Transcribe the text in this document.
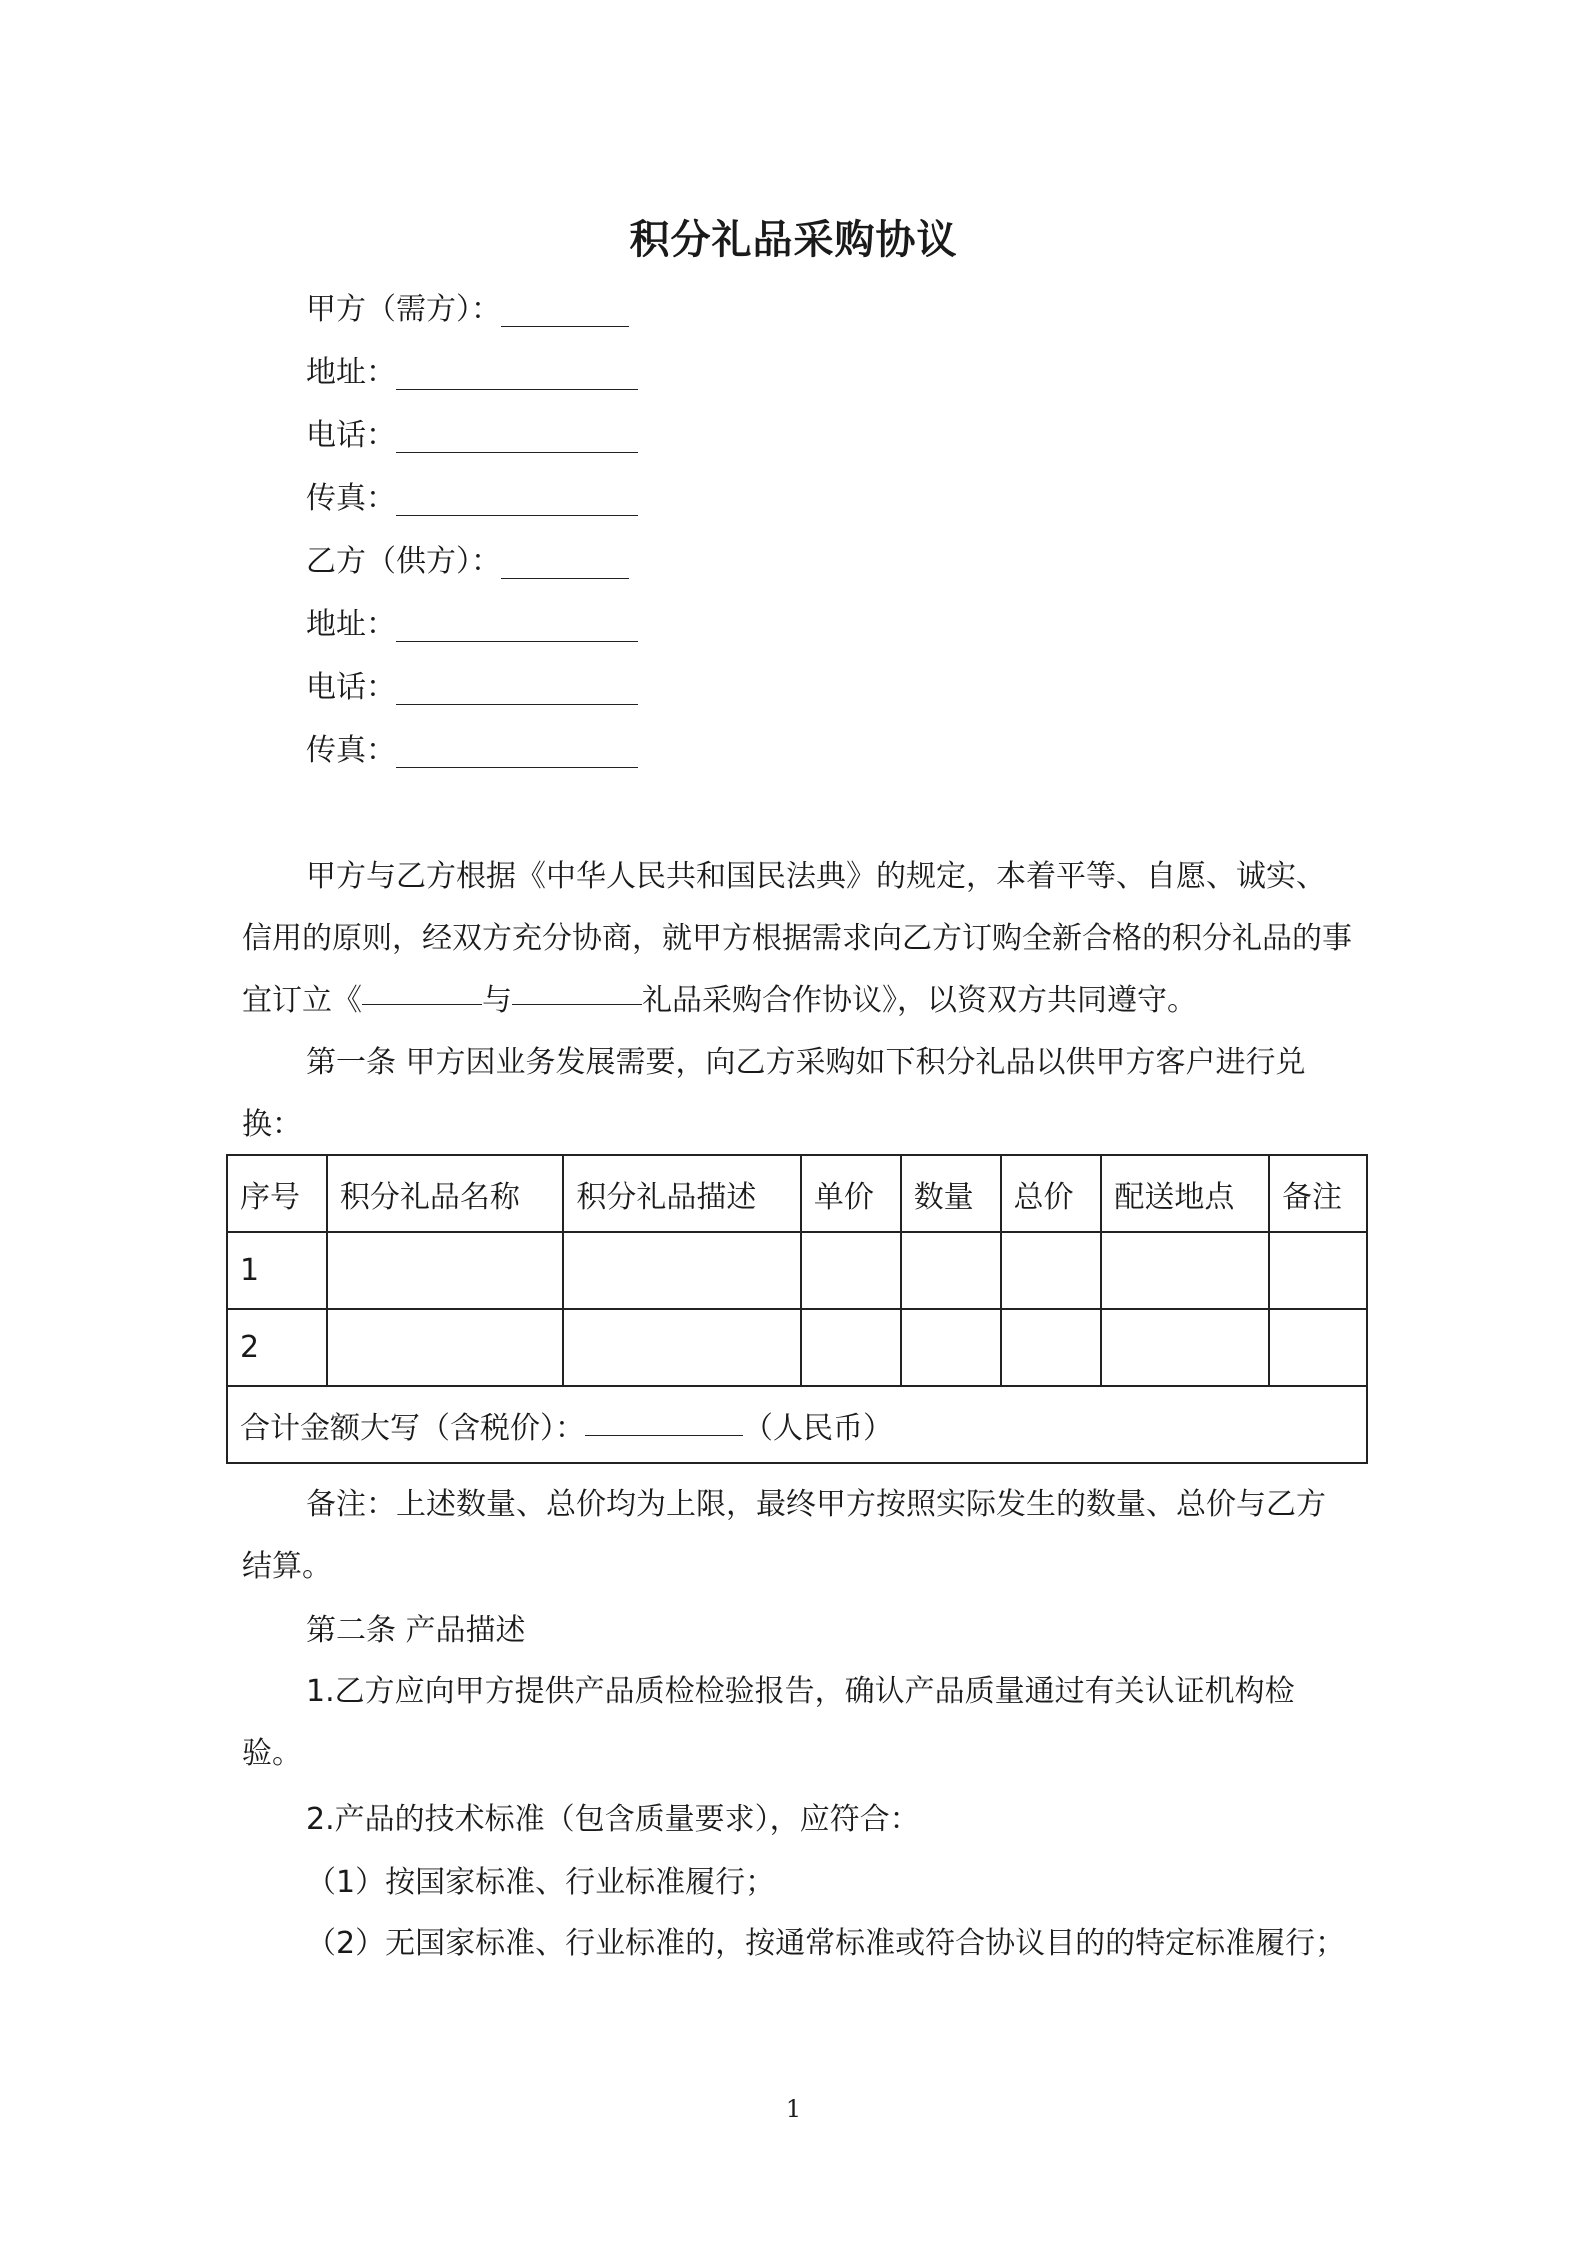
积分礼品采购协议
甲方（需方）：
地址：
电话：
传真：
乙方（供方）：
地址：
电话：
传真：

甲方与乙方根据《中华人民共和国民法典》的规定，本着平等、自愿、诚实、信用的原则，经双方充分协商，就甲方根据需求向乙方订购全新合格的积分礼品的事宜订立《	与	礼品采购合作协议》，以资双方共同遵守。

第一条 甲方因业务发展需要，向乙方采购如下积分礼品以供甲方客户进行兑换：

序号	积分礼品名称	积分礼品描述	单价	数量	总价	配送地点	备注
1							
2							
合计金额大写（含税价）： （人民币）							

备注：上述数量、总价均为上限，最终甲方按照实际发生的数量、总价与乙方结算。

第二条 产品描述

1.乙方应向甲方提供产品质检检验报告，确认产品质量通过有关认证机构检验。

2.产品的技术标准（包含质量要求），应符合：
（1）按国家标准、行业标准履行；

（2）无国家标准、行业标准的，按通常标准或符合协议目的的特定标准履行；

1
